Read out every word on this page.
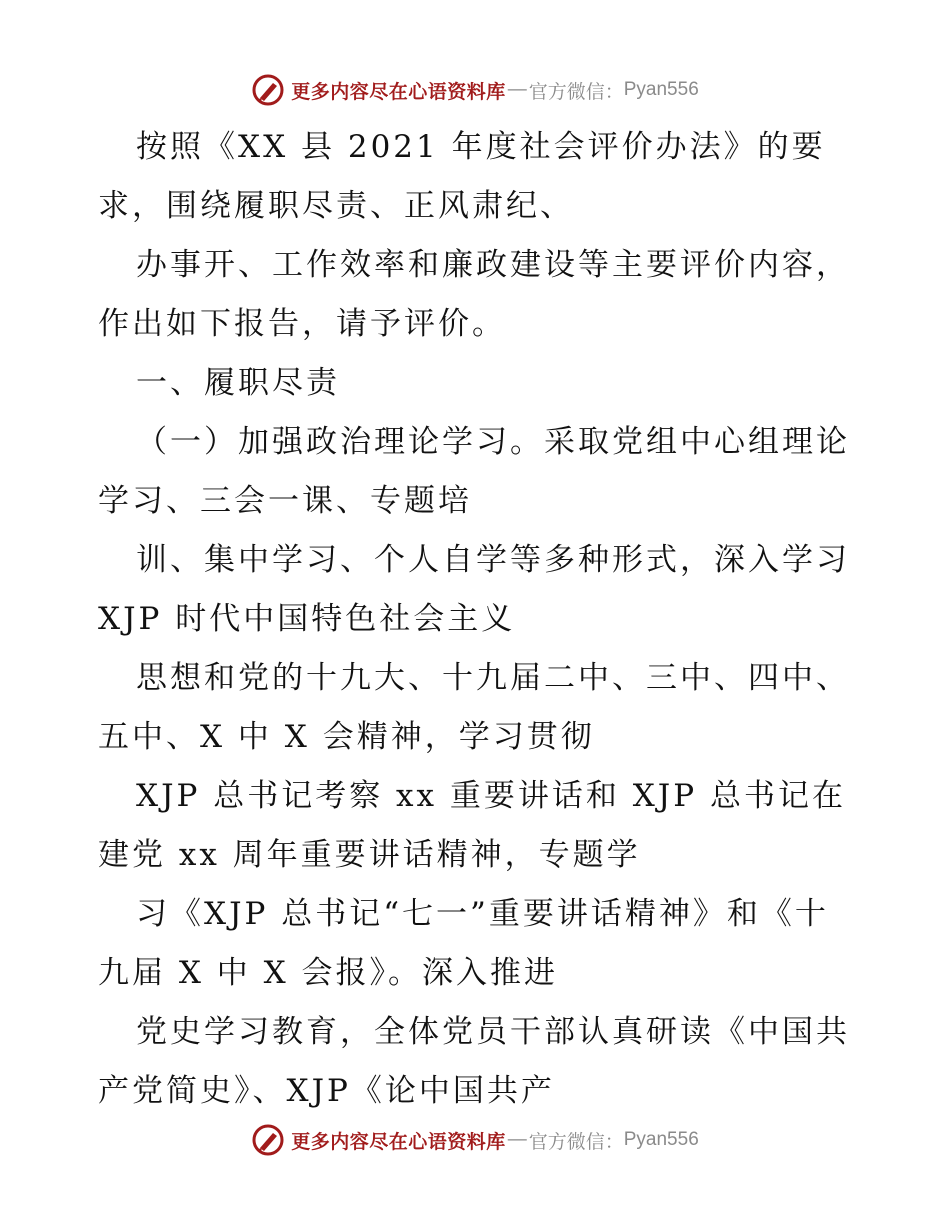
更多内容尽在心语资料库 — 官方微信： Pyan556
按照《XX 县 2021 年度社会评价办法》的要
求，围绕履职尽责、正风肃纪、
办事开、工作效率和廉政建设等主要评价内容，
作出如下报告，请予评价。
一、履职尽责
（一）加强政治理论学习。采取党组中心组理论
学习、三会一课、专题培
训、集中学习、个人自学等多种形式，深入学习
XJP 时代中国特色社会主义
思想和党的十九大、十九届二中、三中、四中、
五中、X 中 X 会精神，学习贯彻
XJP 总书记考察 xx 重要讲话和 XJP 总书记在
建党 xx 周年重要讲话精神，专题学
习《XJP 总书记“七一”重要讲话精神》和《十
九届 X 中 X 会报》。深入推进
党史学习教育，全体党员干部认真研读《中国共
产党简史》、XJP《论中国共产
更多内容尽在心语资料库 — 官方微信： Pyan556
